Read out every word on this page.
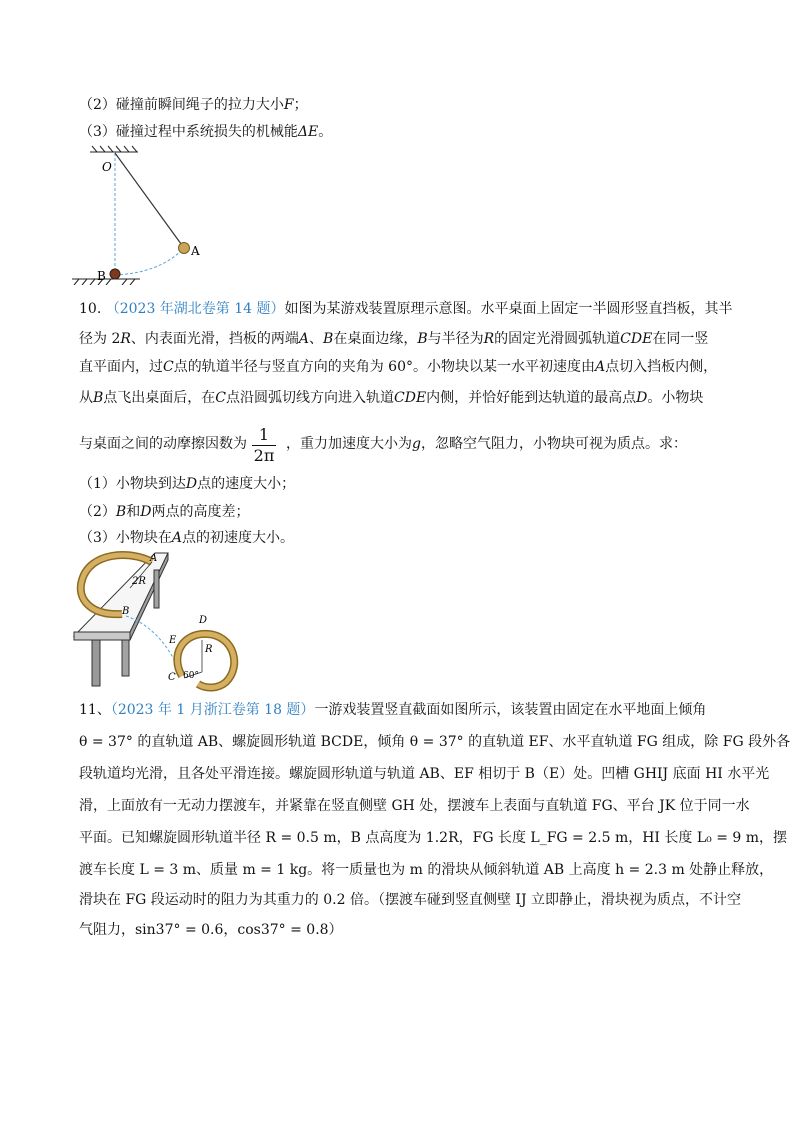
（2）碰撞前瞬间绳子的拉力大小F；
（3）碰撞过程中系统损失的机械能ΔE。
O
A
B
10. （2023 年湖北卷第 14 题）如图为某游戏装置原理示意图。水平桌面上固定一半圆形竖直挡板，其半
径为 2R、内表面光滑，挡板的两端A、B在桌面边缘，B与半径为R的固定光滑圆弧轨道CDE在同一竖
直平面内，过C点的轨道半径与竖直方向的夹角为 60°。小物块以某一水平初速度由A点切入挡板内侧，
从B点飞出桌面后，在C点沿圆弧切线方向进入轨道CDE内侧，并恰好能到达轨道的最高点D。小物块
与桌面之间的动摩擦因数为 1
2π
，重力加速度大小为g，忽略空气阻力，小物块可视为质点。求：
（1）小物块到达D点的速度大小；
（2）B和D两点的高度差；
（3）小物块在A点的初速度大小。
A
2R
B
D
E
R
C 60°
11、（2023 年 1 月浙江卷第 18 题）一游戏装置竖直截面如图所示，该装置由固定在水平地面上倾角
θ = 37° 的直轨道 AB、螺旋圆形轨道 BCDE，倾角 θ = 37° 的直轨道 EF、水平直轨道 FG 组成，除 FG 段外各
段轨道均光滑，且各处平滑连接。螺旋圆形轨道与轨道 AB、EF 相切于 B（E）处。凹槽 GHIJ 底面 HI 水平光
滑，上面放有一无动力摆渡车，并紧靠在竖直侧壁 GH 处，摆渡车上表面与直轨道 FG、平台 JK 位于同一水
平面。已知螺旋圆形轨道半径 R = 0.5 m，B 点高度为 1.2R，FG 长度 L_FG = 2.5 m，HI 长度 L₀ = 9 m，摆
渡车长度 L = 3 m、质量 m = 1 kg。将一质量也为 m 的滑块从倾斜轨道 AB 上高度 h = 2.3 m 处静止释放，
滑块在 FG 段运动时的阻力为其重力的 0.2 倍。（摆渡车碰到竖直侧壁 IJ 立即静止，滑块视为质点，不计空
气阻力，sin37° = 0.6，cos37° = 0.8）
